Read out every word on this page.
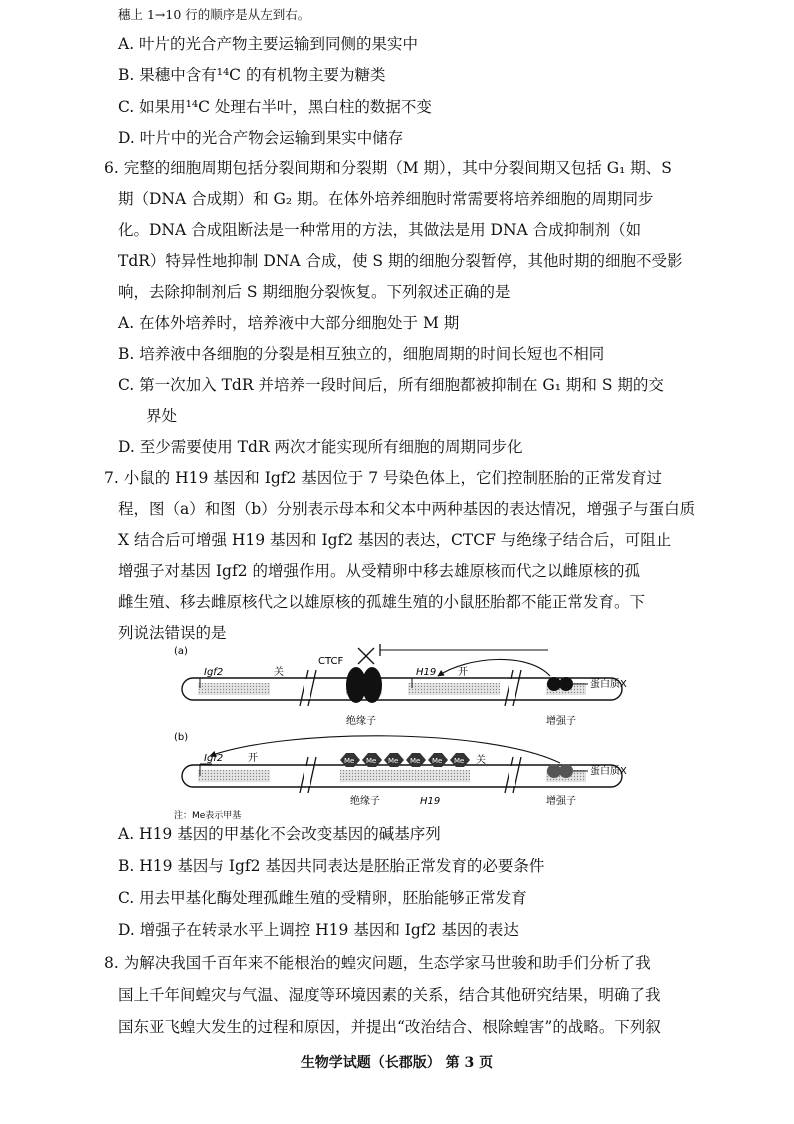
穗上 1→10 行的顺序是从左到右。
A. 叶片的光合产物主要运输到同侧的果实中
B. 果穗中含有¹⁴C 的有机物主要为糖类
C. 如果用¹⁴C 处理右半叶，黑白柱的数据不变
D. 叶片中的光合产物会运输到果实中储存
6. 完整的细胞周期包括分裂间期和分裂期（M 期），其中分裂间期又包括 G₁ 期、S
期（DNA 合成期）和 G₂ 期。在体外培养细胞时常需要将培养细胞的周期同步
化。DNA 合成阻断法是一种常用的方法，其做法是用 DNA 合成抑制剂（如
TdR）特异性地抑制 DNA 合成，使 S 期的细胞分裂暂停，其他时期的细胞不受影
响，去除抑制剂后 S 期细胞分裂恢复。下列叙述正确的是
A. 在体外培养时，培养液中大部分细胞处于 M 期
B. 培养液中各细胞的分裂是相互独立的，细胞周期的时间长短也不相同
C. 第一次加入 TdR 并培养一段时间后，所有细胞都被抑制在 G₁ 期和 S 期的交
界处
D. 至少需要使用 TdR 两次才能实现所有细胞的周期同步化
7. 小鼠的 H19 基因和 Igf2 基因位于 7 号染色体上，它们控制胚胎的正常发育过
程，图（a）和图（b）分别表示母本和父本中两种基因的表达情况，增强子与蛋白质
X 结合后可增强 H19 基因和 Igf2 基因的表达，CTCF 与绝缘子结合后，可阻止
增强子对基因 Igf2 的增强作用。从受精卵中移去雄原核而代之以雌原核的孤
雌生殖、移去雌原核代之以雄原核的孤雄生殖的小鼠胚胎都不能正常发育。下
列说法错误的是
(a)
Igf2	关
CTCF
绝缘子
H19 开
蛋白质X
增强子
(b)
Igf2 开	Me Me Me Me Me Me 关
绝缘子	H19
蛋白质X
增强子
注：Me表示甲基
A. H19 基因的甲基化不会改变基因的碱基序列
B. H19 基因与 Igf2 基因共同表达是胚胎正常发育的必要条件
C. 用去甲基化酶处理孤雌生殖的受精卵，胚胎能够正常发育
D. 增强子在转录水平上调控 H19 基因和 Igf2 基因的表达
8. 为解决我国千百年来不能根治的蝗灾问题，生态学家马世骏和助手们分析了我
国上千年间蝗灾与气温、湿度等环境因素的关系，结合其他研究结果，明确了我
国东亚飞蝗大发生的过程和原因，并提出“改治结合、根除蝗害”的战略。下列叙
生物学试题（长郡版） 第 3 页
